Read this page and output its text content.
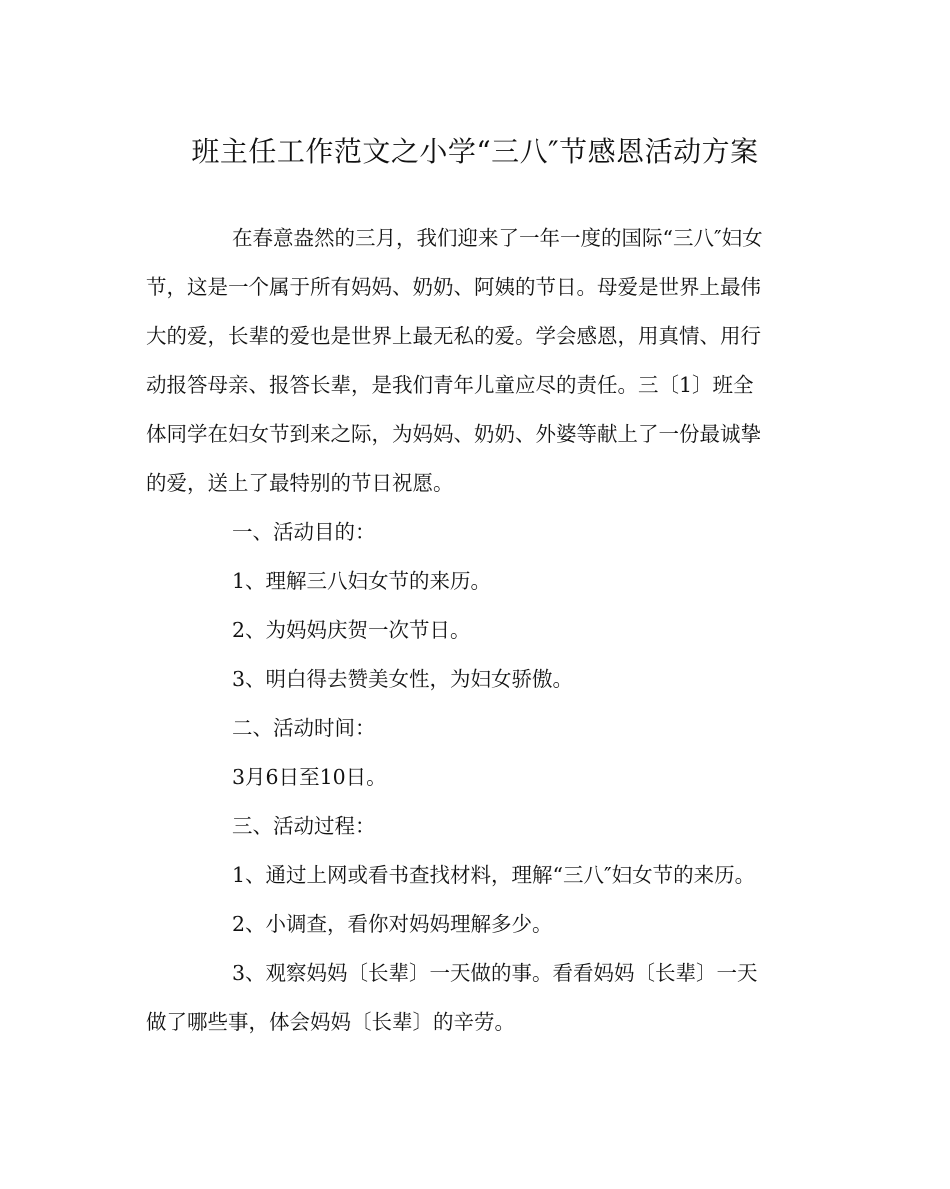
班主任工作范文之小学“三八″节感恩活动方案
在春意盎然的三月，我们迎来了一年一度的国际“三八″妇女
节，这是一个属于所有妈妈、奶奶、阿姨的节日。母爱是世界上最伟
大的爱，长辈的爱也是世界上最无私的爱。学会感恩，用真情、用行
动报答母亲、报答长辈，是我们青年儿童应尽的责任。三〔1〕班全
体同学在妇女节到来之际，为妈妈、奶奶、外婆等献上了一份最诚挚
的爱，送上了最特别的节日祝愿。
一、活动目的：
1、理解三八妇女节的来历。
2、为妈妈庆贺一次节日。
3、明白得去赞美女性，为妇女骄傲。
二、活动时间：
3月6日至10日。
三、活动过程：
1、通过上网或看书查找材料，理解“三八″妇女节的来历。
2、小调查，看你对妈妈理解多少。
3、观察妈妈〔长辈〕一天做的事。看看妈妈〔长辈〕一天
做了哪些事，体会妈妈〔长辈〕的辛劳。
